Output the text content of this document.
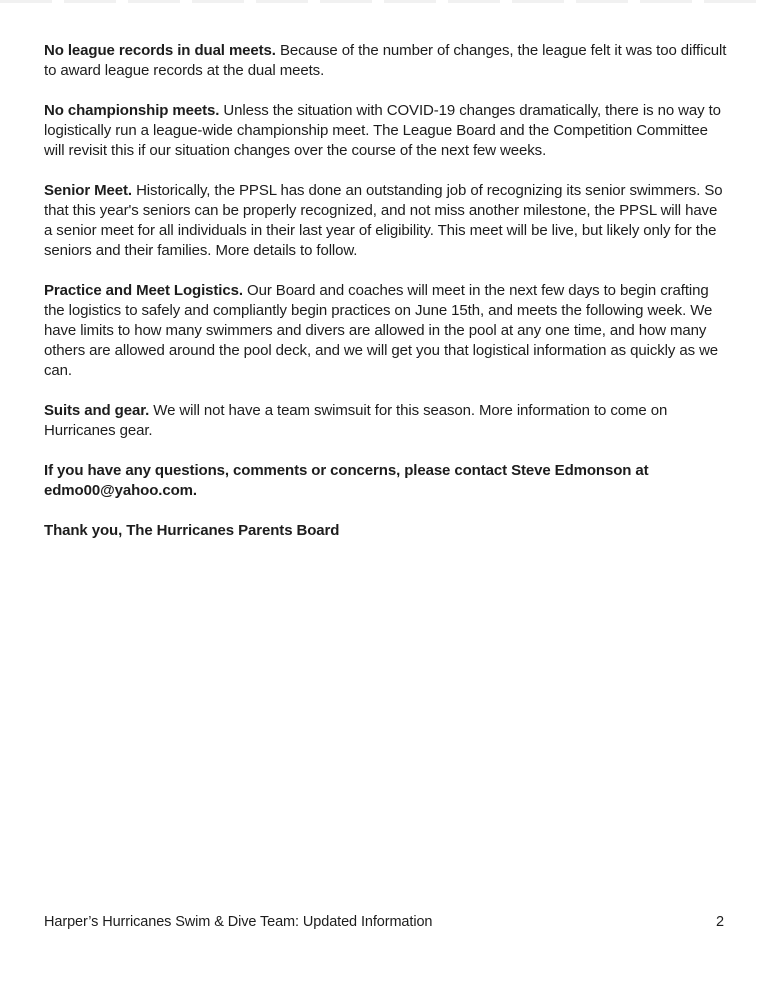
No league records in dual meets. Because of the number of changes, the league felt it was too difficult to award league records at the dual meets.

No championship meets. Unless the situation with COVID-19 changes dramatically, there is no way to logistically run a league-wide championship meet. The League Board and the Competition Committee will revisit this if our situation changes over the course of the next few weeks.

Senior Meet. Historically, the PPSL has done an outstanding job of recognizing its senior swimmers. So that this year's seniors can be properly recognized, and not miss another milestone, the PPSL will have a senior meet for all individuals in their last year of eligibility. This meet will be live, but likely only for the seniors and their families. More details to follow.

Practice and Meet Logistics. Our Board and coaches will meet in the next few days to begin crafting the logistics to safely and compliantly begin practices on June 15th, and meets the following week. We have limits to how many swimmers and divers are allowed in the pool at any one time, and how many others are allowed around the pool deck, and we will get you that logistical information as quickly as we can.

Suits and gear. We will not have a team swimsuit for this season. More information to come on Hurricanes gear.

If you have any questions, comments or concerns, please contact Steve Edmonson at edmo00@yahoo.com.

Thank you, The Hurricanes Parents Board

Harper’s Hurricanes Swim & Dive Team: Updated Information	2
